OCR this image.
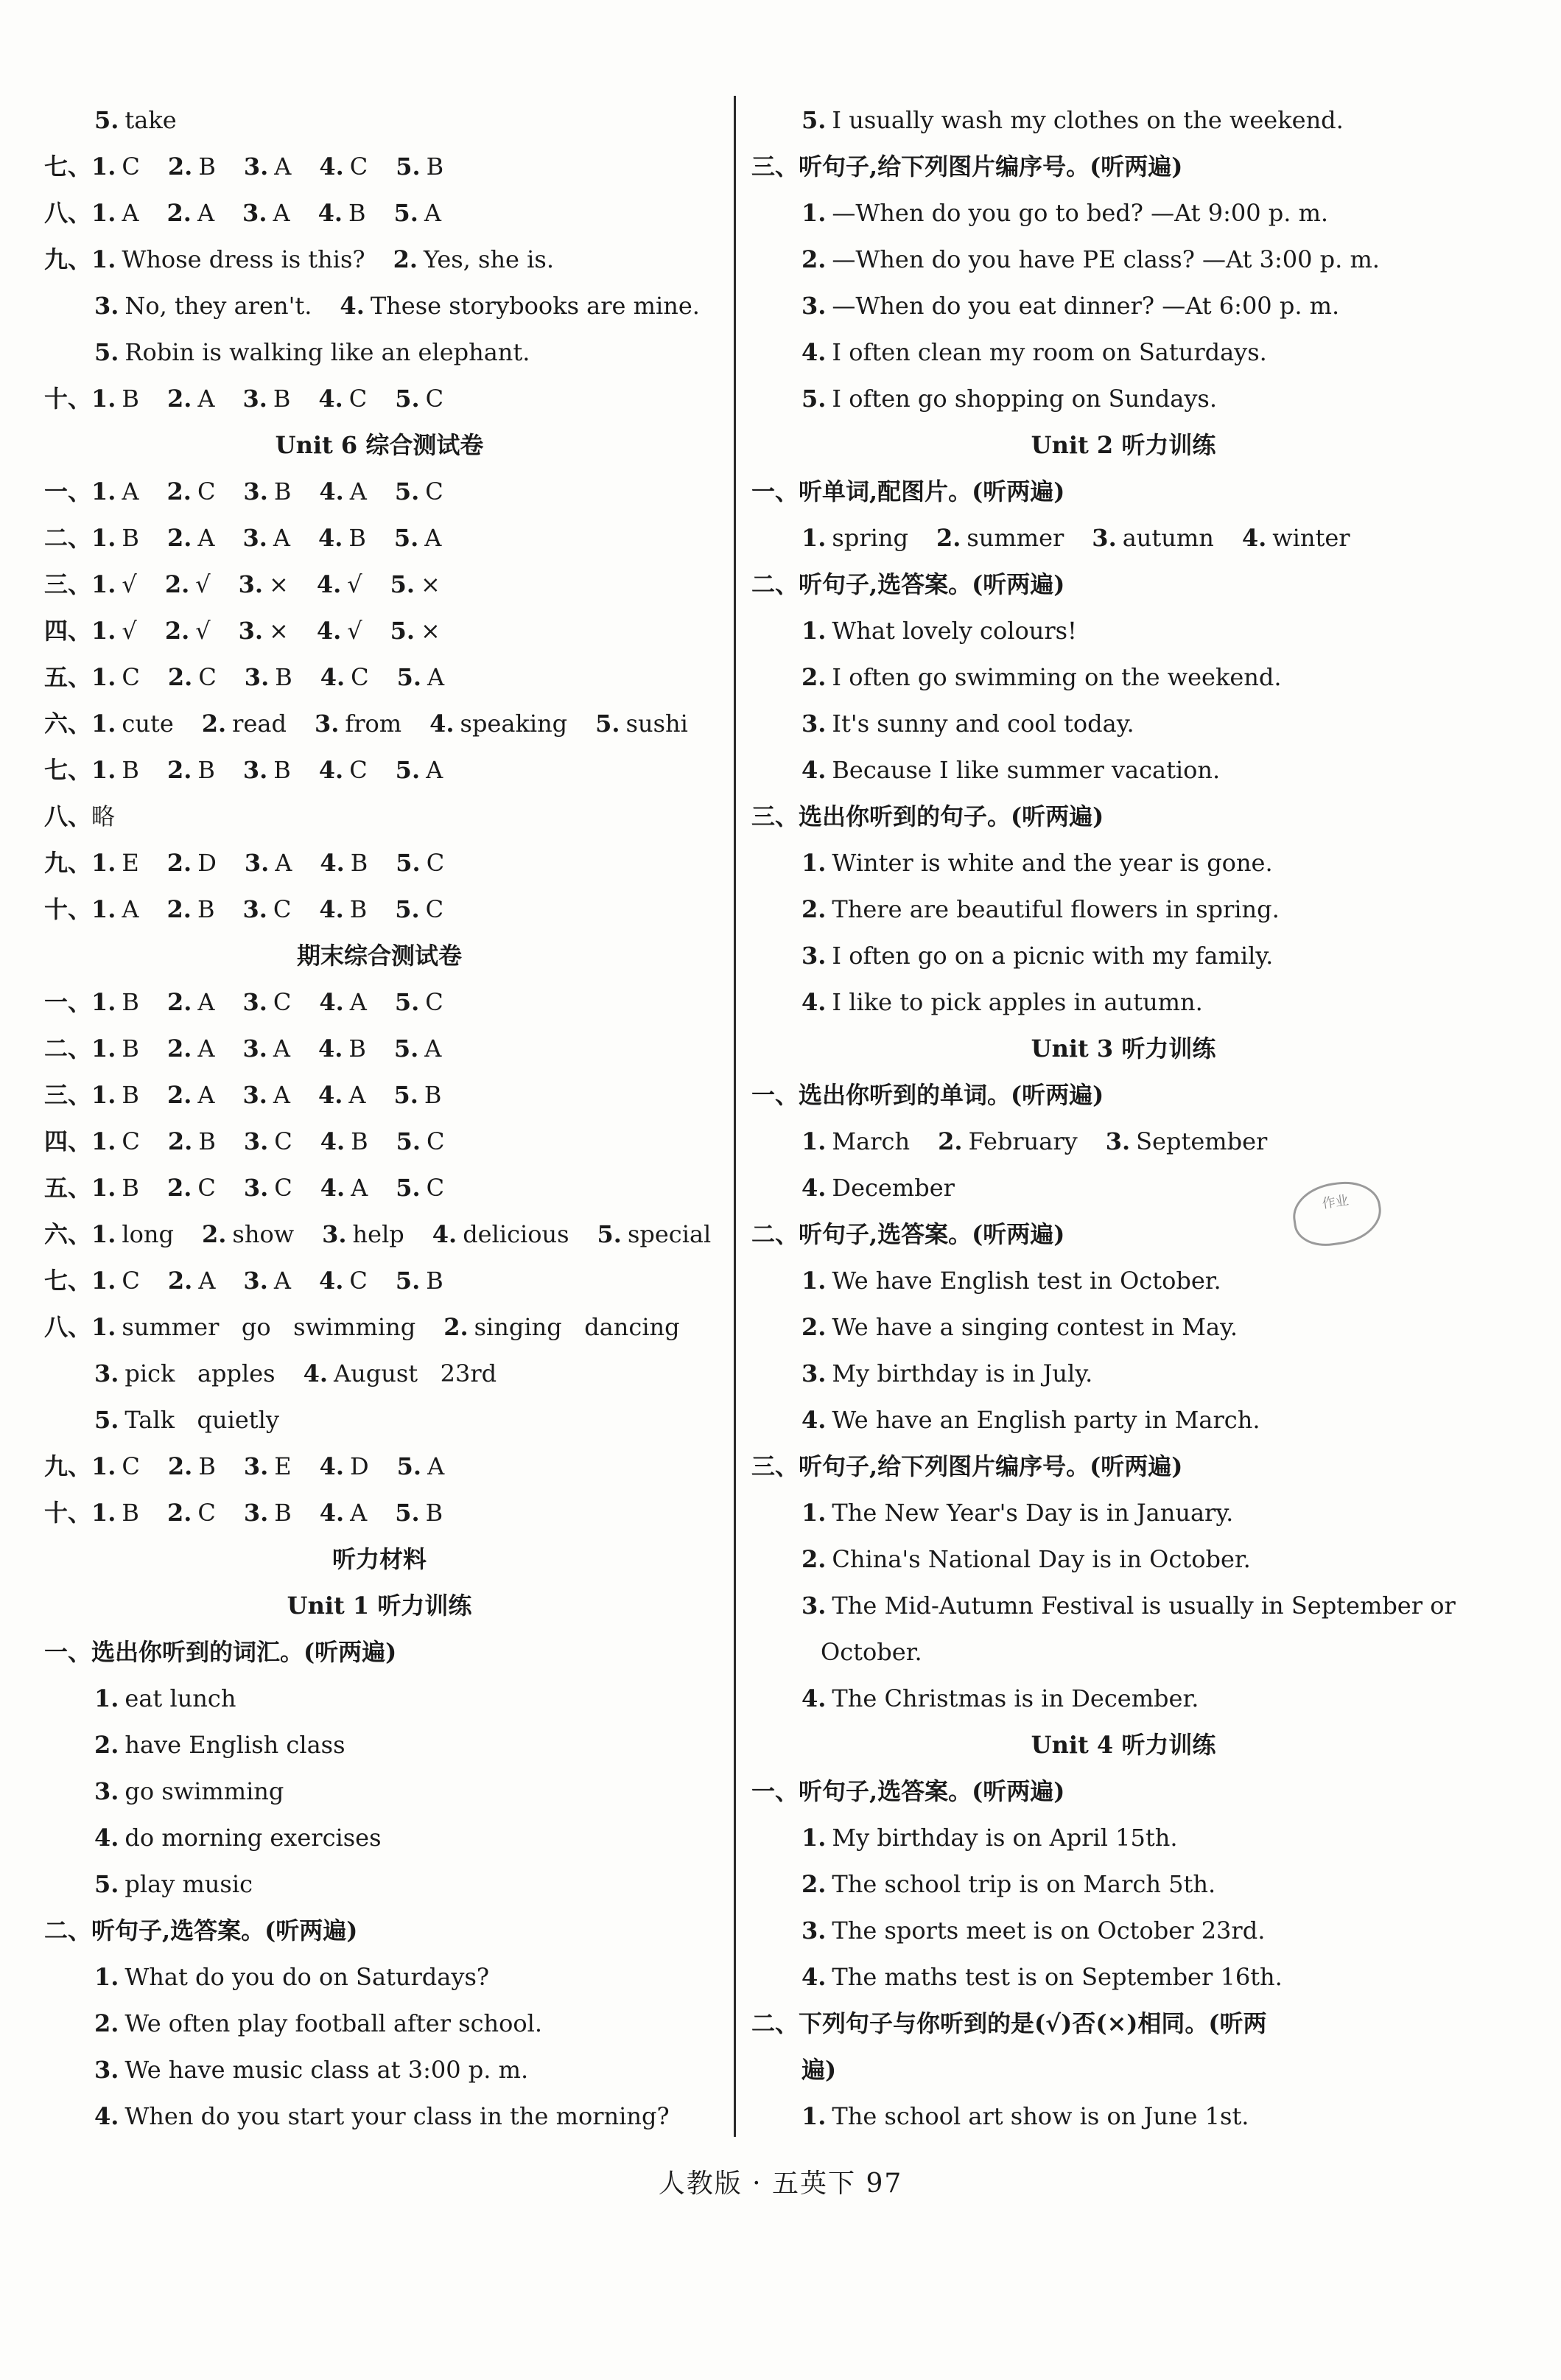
5. take
七、1. C 2. B 3. A 4. C 5. B
八、1. A 2. A 3. A 4. B 5. A
九、1. Whose dress is this? 2. Yes, she is.
3. No, they aren't. 4. These storybooks are mine.
5. Robin is walking like an elephant.
十、1. B 2. A 3. B 4. C 5. C
Unit 6 综合测试卷
一、1. A 2. C 3. B 4. A 5. C
二、1. B 2. A 3. A 4. B 5. A
三、1. √ 2. √ 3. × 4. √ 5. ×
四、1. √ 2. √ 3. × 4. √ 5. ×
五、1. C 2. C 3. B 4. C 5. A
六、1. cute 2. read 3. from 4. speaking 5. sushi
七、1. B 2. B 3. B 4. C 5. A
八、略
九、1. E 2. D 3. A 4. B 5. C
十、1. A 2. B 3. C 4. B 5. C
期末综合测试卷
一、1. B 2. A 3. C 4. A 5. C
二、1. B 2. A 3. A 4. B 5. A
三、1. B 2. A 3. A 4. A 5. B
四、1. C 2. B 3. C 4. B 5. C
五、1. B 2. C 3. C 4. A 5. C
六、1. long 2. show 3. help 4. delicious 5. special
七、1. C 2. A 3. A 4. C 5. B
八、1. summer   go   swimming 2. singing   dancing
3. pick   apples 4. August   23rd
5. Talk   quietly
九、1. C 2. B 3. E 4. D 5. A
十、1. B 2. C 3. B 4. A 5. B
听力材料
Unit 1 听力训练
一、选出你听到的词汇。(听两遍)
1. eat lunch
2. have English class
3. go swimming
4. do morning exercises
5. play music
二、听句子,选答案。(听两遍)
1. What do you do on Saturdays?
2. We often play football after school.
3. We have music class at 3:00 p. m.
4. When do you start your class in the morning?
5. I usually wash my clothes on the weekend.
三、听句子,给下列图片编序号。(听两遍)
1. —When do you go to bed? —At 9:00 p. m.
2. —When do you have PE class? —At 3:00 p. m.
3. —When do you eat dinner? —At 6:00 p. m.
4. I often clean my room on Saturdays.
5. I often go shopping on Sundays.
Unit 2 听力训练
一、听单词,配图片。(听两遍)
1. spring 2. summer 3. autumn 4. winter
二、听句子,选答案。(听两遍)
1. What lovely colours!
2. I often go swimming on the weekend.
3. It's sunny and cool today.
4. Because I like summer vacation.
三、选出你听到的句子。(听两遍)
1. Winter is white and the year is gone.
2. There are beautiful flowers in spring.
3. I often go on a picnic with my family.
4. I like to pick apples in autumn.
Unit 3 听力训练
一、选出你听到的单词。(听两遍)
1. March 2. February 3. September
4. December
二、听句子,选答案。(听两遍)
1. We have English test in October.
2. We have a singing contest in May.
3. My birthday is in July.
4. We have an English party in March.
三、听句子,给下列图片编序号。(听两遍)
1. The New Year's Day is in January.
2. China's National Day is in October.
3. The Mid-Autumn Festival is usually in September or
October.
4. The Christmas is in December.
Unit 4 听力训练
一、听句子,选答案。(听两遍)
1. My birthday is on April 15th.
2. The school trip is on March 5th.
3. The sports meet is on October 23rd.
4. The maths test is on September 16th.
二、下列句子与你听到的是(√)否(×)相同。(听两
遍)
1. The school art show is on June 1st.
作业
人教版 · 五英下 97
